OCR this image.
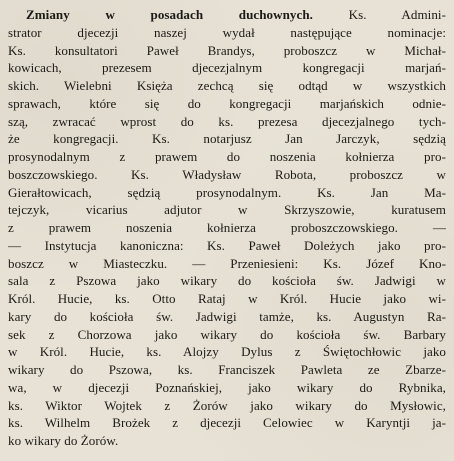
Zmiany w posadach duchownych. Ks. Admini-
strator djecezji naszej wydał następujące nominacje:
Ks. konsultatori Paweł Brandys, proboszcz w Michał-
kowicach, prezesem djecezjalnym kongregacji marjań-
skich. Wielebni Księża zechcą się odtąd w wszystkich
sprawach, które się do kongregacji marjańskich odnie-
szą, zwracać wprost do ks. prezesa djecezjalnego tych-
że kongregacji. Ks. notarjusz Jan Jarczyk, sędzią
prosynodalnym z prawem do noszenia kołnierza pro-
boszczowskiego. Ks. Władysław Robota, proboszcz w
Gierałtowicach, sędzią prosynodalnym. Ks. Jan Ma-
tejczyk, vicarius adjutor w Skrzyszowie, kuratusem
z prawem noszenia kołnierza proboszczowskiego. —
— Instytucja kanoniczna: Ks. Paweł Doleżych jako pro-
boszcz w Miasteczku. — Przeniesieni: Ks. Józef Kno-
sala z Pszowa jako wikary do kościoła św. Jadwigi w
Król. Hucie, ks. Otto Rataj w Król. Hucie jako wi-
kary do kościoła św. Jadwigi tamże, ks. Augustyn Ra-
sek z Chorzowa jako wikary do kościoła św. Barbary
w Król. Hucie, ks. Alojzy Dylus z Świętochłowic jako
wikary do Pszowa, ks. Franciszek Pawleta ze Zbarze-
wa, w djecezji Poznańskiej, jako wikary do Rybnika,
ks. Wiktor Wojtek z Żorów jako wikary do Mysłowic,
ks. Wilhelm Brożek z djecezji Celowiec w Karyntji ja-
ko wikary do Żorów.
